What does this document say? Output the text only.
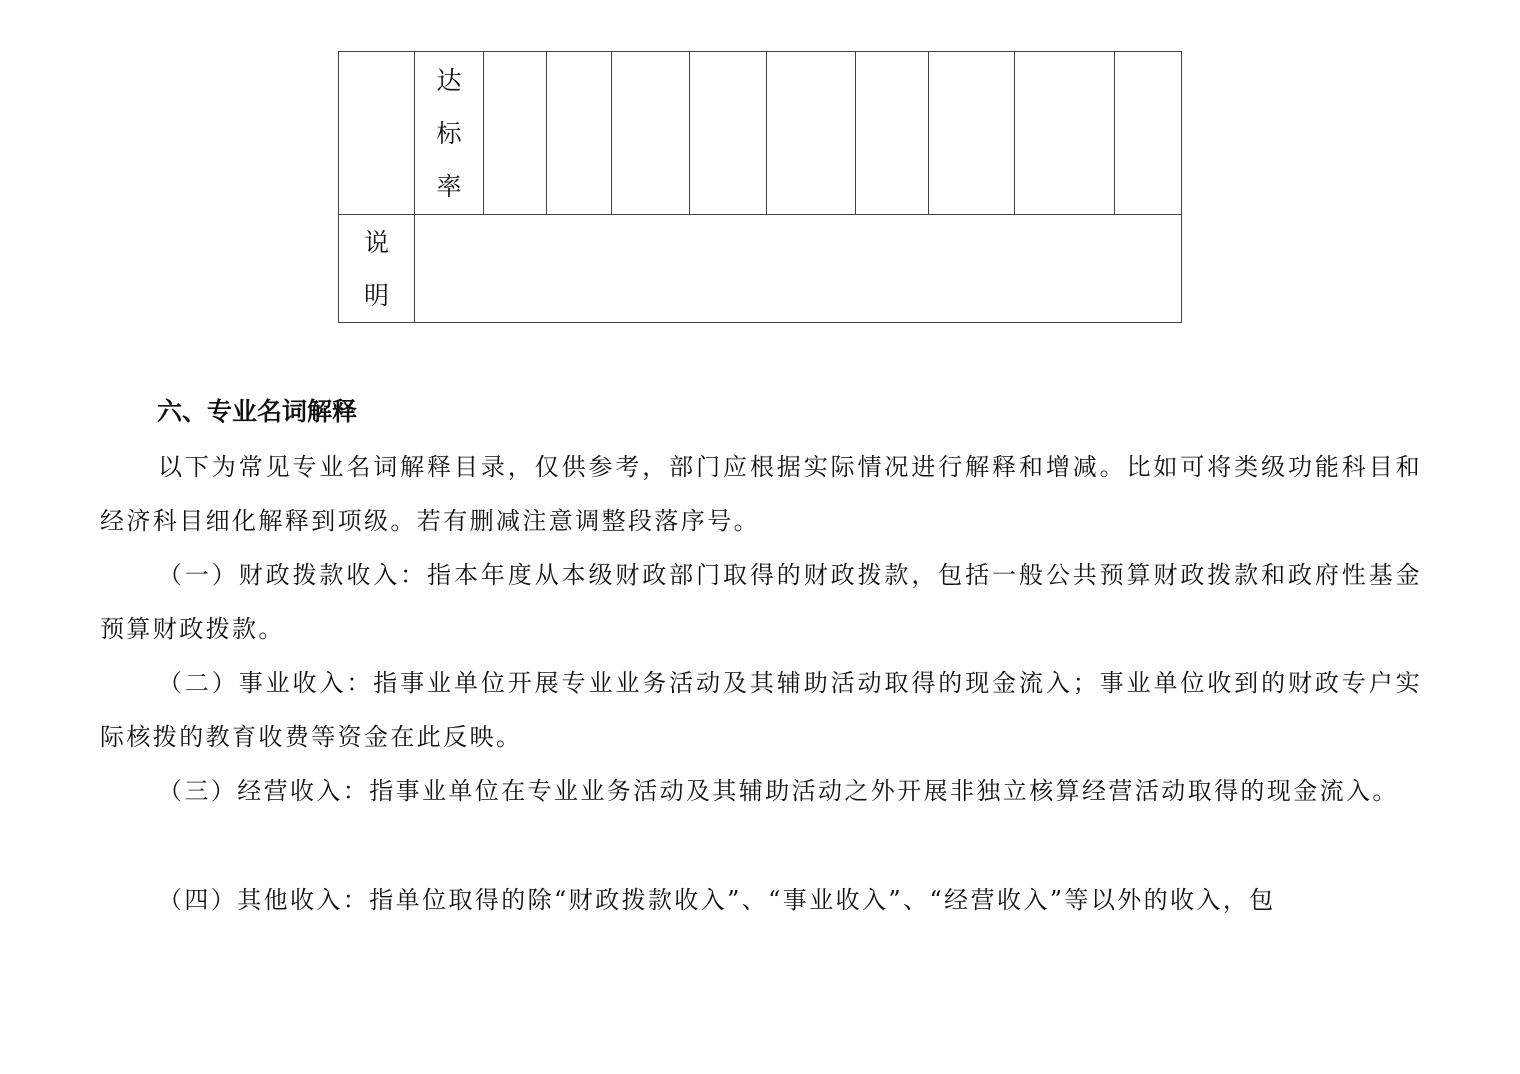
	达标率									
说明										
六、专业名词解释

以下为常见专业名词解释目录，仅供参考，部门应根据实际情况进行解释和增减。比如可将类级功能科目和经济科目细化解释到项级。若有删减注意调整段落序号。

（一）财政拨款收入：指本年度从本级财政部门取得的财政拨款，包括一般公共预算财政拨款和政府性基金预算财政拨款。

（二）事业收入：指事业单位开展专业业务活动及其辅助活动取得的现金流入；事业单位收到的财政专户实际核拨的教育收费等资金在此反映。

（三）经营收入：指事业单位在专业业务活动及其辅助活动之外开展非独立核算经营活动取得的现金流入。

（四）其他收入：指单位取得的除“财政拨款收入”、“事业收入”、“经营收入”等以外的收入，包
